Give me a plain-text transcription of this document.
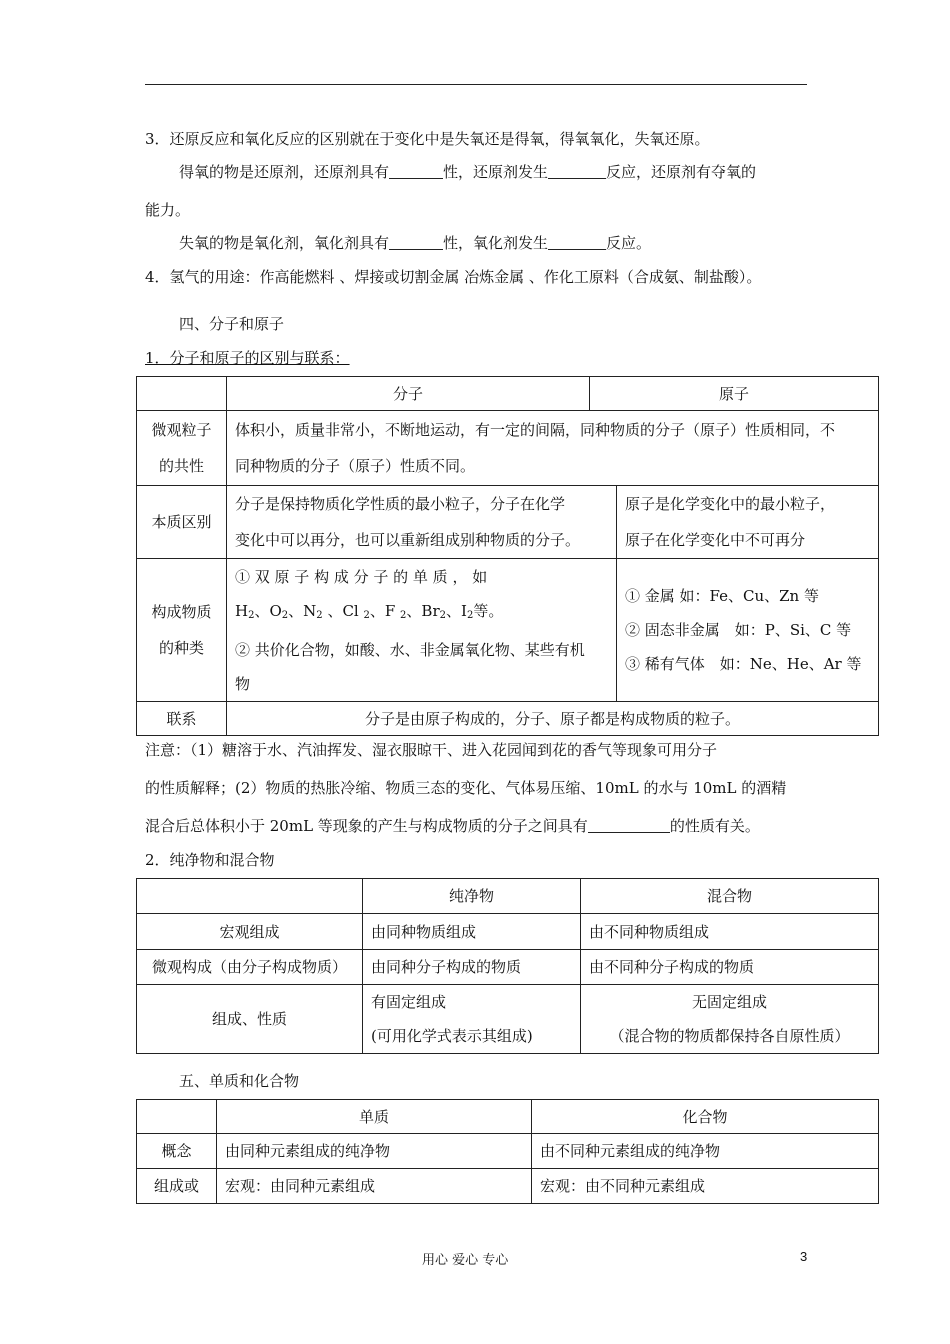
3．还原反应和氧化反应的区别就在于变化中是失氧还是得氧，得氧氧化，失氧还原。
得氧的物是还原剂，还原剂具有	性，还原剂发生	反应，还原剂有夺氧的
能力。
失氧的物是氧化剂，氧化剂具有	性，氧化剂发生	反应。
4．氢气的用途：作高能燃料 、焊接或切割金属 冶炼金属 、作化工原料（合成氨、制盐酸）。
四、分子和原子
1．分子和原子的区别与联系：
	分子	原子	
微观粒子
的共性	体积小，质量非常小，不断地运动，有一定的间隔，同种物质的分子（原子）性质相同，不
同种物质的分子（原子）性质不同。		
本质区别	分子是保持物质化学性质的最小粒子，分子在化学
变化中可以再分，也可以重新组成别种物质的分子。		原子是化学变化中的最小粒子，
原子在化学变化中不可再分
构成物质
的种类	① 双 原 子 构 成 分 子 的 单 质 ， 如
$H_2$、$O_2$、$N_2$ 、Cl $_2$、F $_2$、$Br_2$、$I_2$等。
② 共价化合物，如酸、水、非金属氧化物、某些有机
物		① 金属 如：Fe、Cu、Zn 等
② 固态非金属　如：P、Si、C 等
③ 稀有气体　如：Ne、He、Ar 等
联系	分子是由原子构成的，分子、原子都是构成物质的粒子。		
注意：（1）糖溶于水、汽油挥发、湿衣服晾干、进入花园闻到花的香气等现象可用分子
的性质解释；(2）物质的热胀冷缩、物质三态的变化、气体易压缩、10mL 的水与 10mL 的酒精
混合后总体积小于 20mL 等现象的产生与构成物质的分子之间具有	的性质有关。
2．纯净物和混合物
	纯净物	混合物
宏观组成	由同种物质组成	由不同种物质组成
微观构成（由分子构成物质）	由同种分子构成的物质	由不同种分子构成的物质
组成、性质	有固定组成
(可用化学式表示其组成)	无固定组成
（混合物的物质都保持各自原性质）
五、单质和化合物
	单质	化合物
概念	由同种元素组成的纯净物	由不同种元素组成的纯净物
组成或	宏观：由同种元素组成	宏观：由不同种元素组成
用心 爱心 专心	3
